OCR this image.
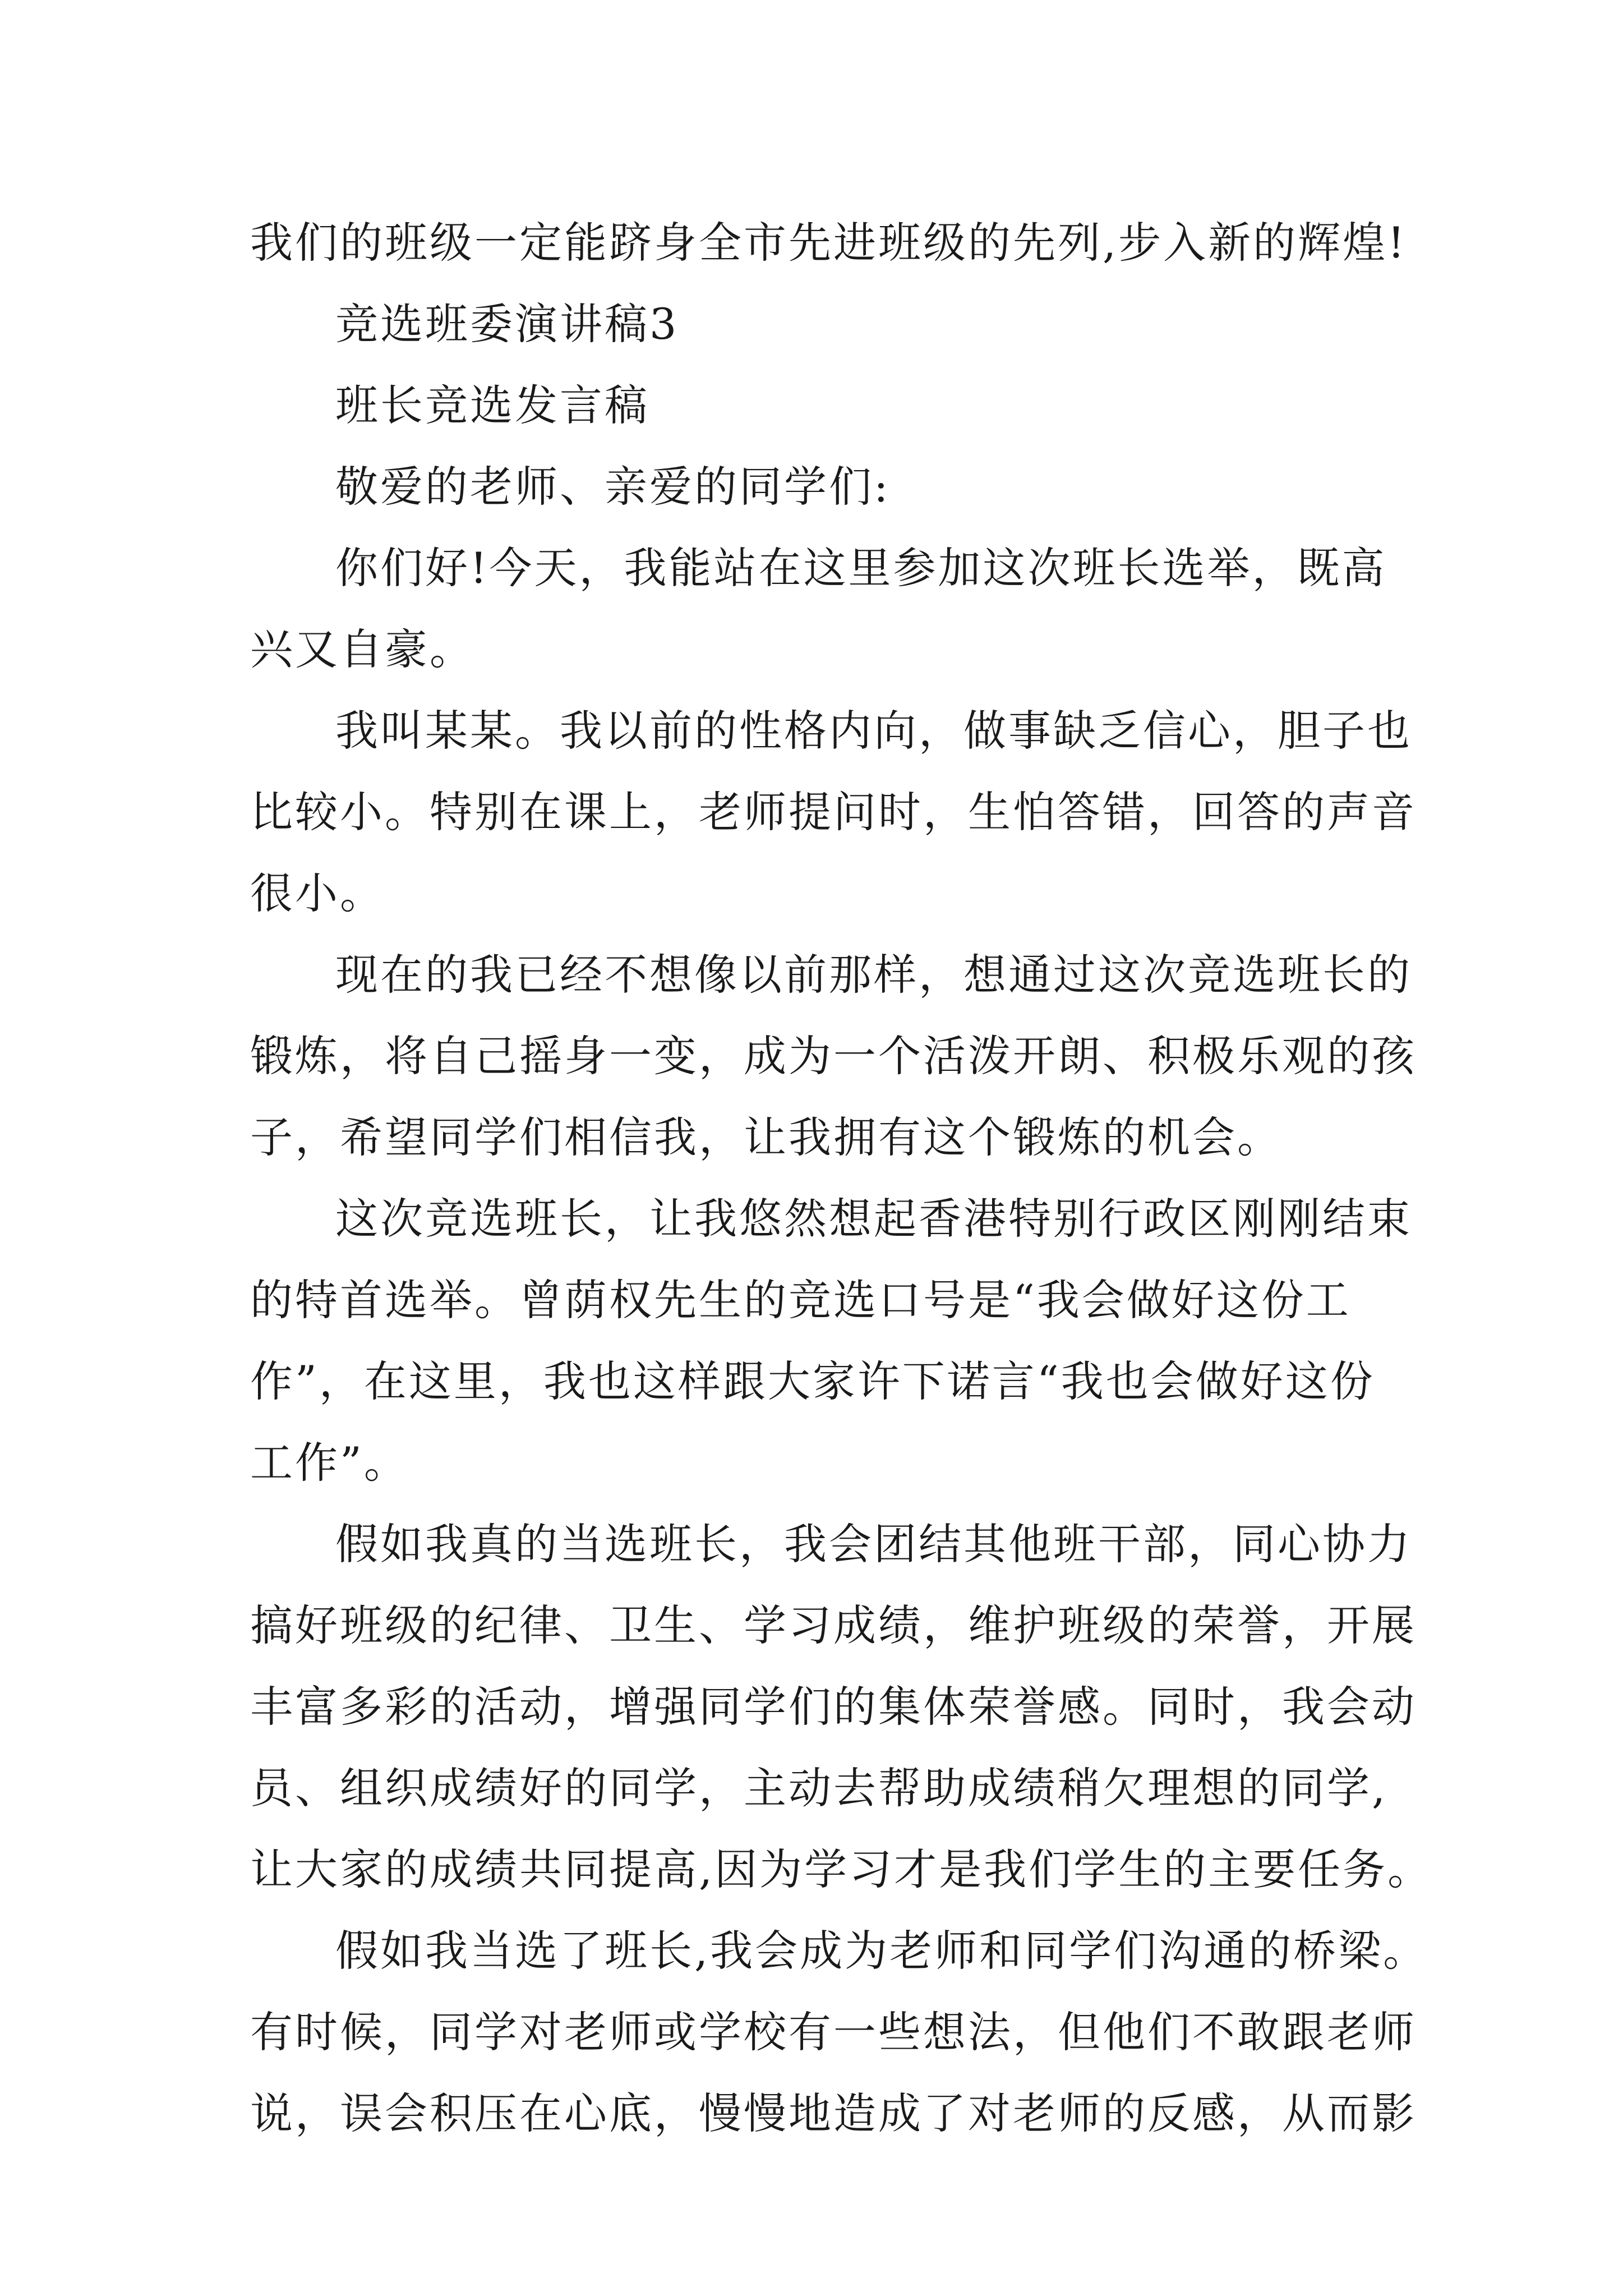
我们的班级一定能跻身全市先进班级的先列,步入新的辉煌!
竞选班委演讲稿3
班长竞选发言稿
敬爱的老师、亲爱的同学们:
你们好!今天，我能站在这里参加这次班长选举，既高
兴又自豪。
我叫某某。我以前的性格内向，做事缺乏信心，胆子也
比较小。特别在课上，老师提问时，生怕答错，回答的声音
很小。
现在的我已经不想像以前那样，想通过这次竞选班长的
锻炼，将自己摇身一变，成为一个活泼开朗、积极乐观的孩
子，希望同学们相信我，让我拥有这个锻炼的机会。
这次竞选班长，让我悠然想起香港特别行政区刚刚结束
的特首选举。曾荫权先生的竞选口号是“我会做好这份工
作”，在这里，我也这样跟大家许下诺言“我也会做好这份
工作”。
假如我真的当选班长，我会团结其他班干部，同心协力
搞好班级的纪律、卫生、学习成绩，维护班级的荣誉，开展
丰富多彩的活动，增强同学们的集体荣誉感。同时，我会动
员、组织成绩好的同学，主动去帮助成绩稍欠理想的同学,
让大家的成绩共同提高,因为学习才是我们学生的主要任务。
假如我当选了班长,我会成为老师和同学们沟通的桥梁。
有时候，同学对老师或学校有一些想法，但他们不敢跟老师
说，误会积压在心底，慢慢地造成了对老师的反感，从而影
